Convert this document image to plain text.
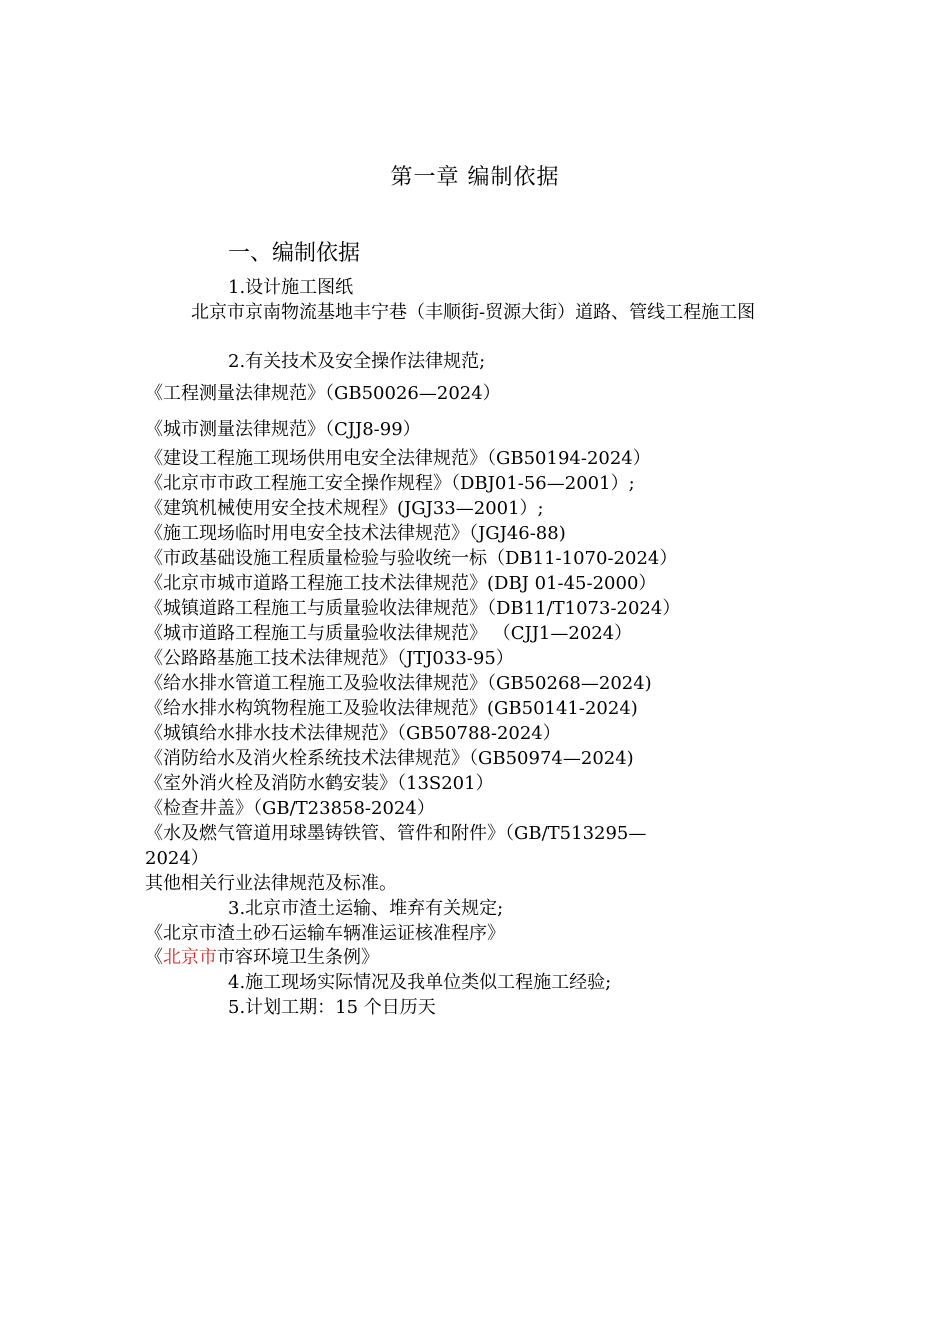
第一章 编制依据
一、编制依据
1.设计施工图纸
北京市京南物流基地丰宁巷（丰顺街-贸源大街）道路、管线工程施工图
2.有关技术及安全操作法律规范;
《工程测量法律规范》（GB50026—2024）
《城市测量法律规范》（CJJ8-99）
《建设工程施工现场供用电安全法律规范》（GB50194-2024）
《北京市市政工程施工安全操作规程》（DBJ01-56—2001）;
《建筑机械使用安全技术规程》(JGJ33—2001）;
《施工现场临时用电安全技术法律规范》（JGJ46-88)
《市政基础设施工程质量检验与验收统一标（DB11-1070-2024）
《北京市城市道路工程施工技术法律规范》(DBJ 01-45-2000）
《城镇道路工程施工与质量验收法律规范》（DB11/T1073-2024）
《城市道路工程施工与质量验收法律规范》 （CJJ1—2024）
《公路路基施工技术法律规范》（JTJ033-95）
《给水排水管道工程施工及验收法律规范》（GB50268—2024)
《给水排水构筑物程施工及验收法律规范》(GB50141-2024)
《城镇给水排水技术法律规范》（GB50788-2024）
《消防给水及消火栓系统技术法律规范》（GB50974—2024)
《室外消火栓及消防水鹤安装》（13S201）
《检查井盖》（GB/T23858-2024）
《水及燃气管道用球墨铸铁管、管件和附件》（GB/T513295—
2024）
其他相关行业法律规范及标准。
3.北京市渣土运输、堆弃有关规定;
《北京市渣土砂石运输车辆准运证核准程序》
《北京市市容环境卫生条例》
4.施工现场实际情况及我单位类似工程施工经验;
5.计划工期：15 个日历天
